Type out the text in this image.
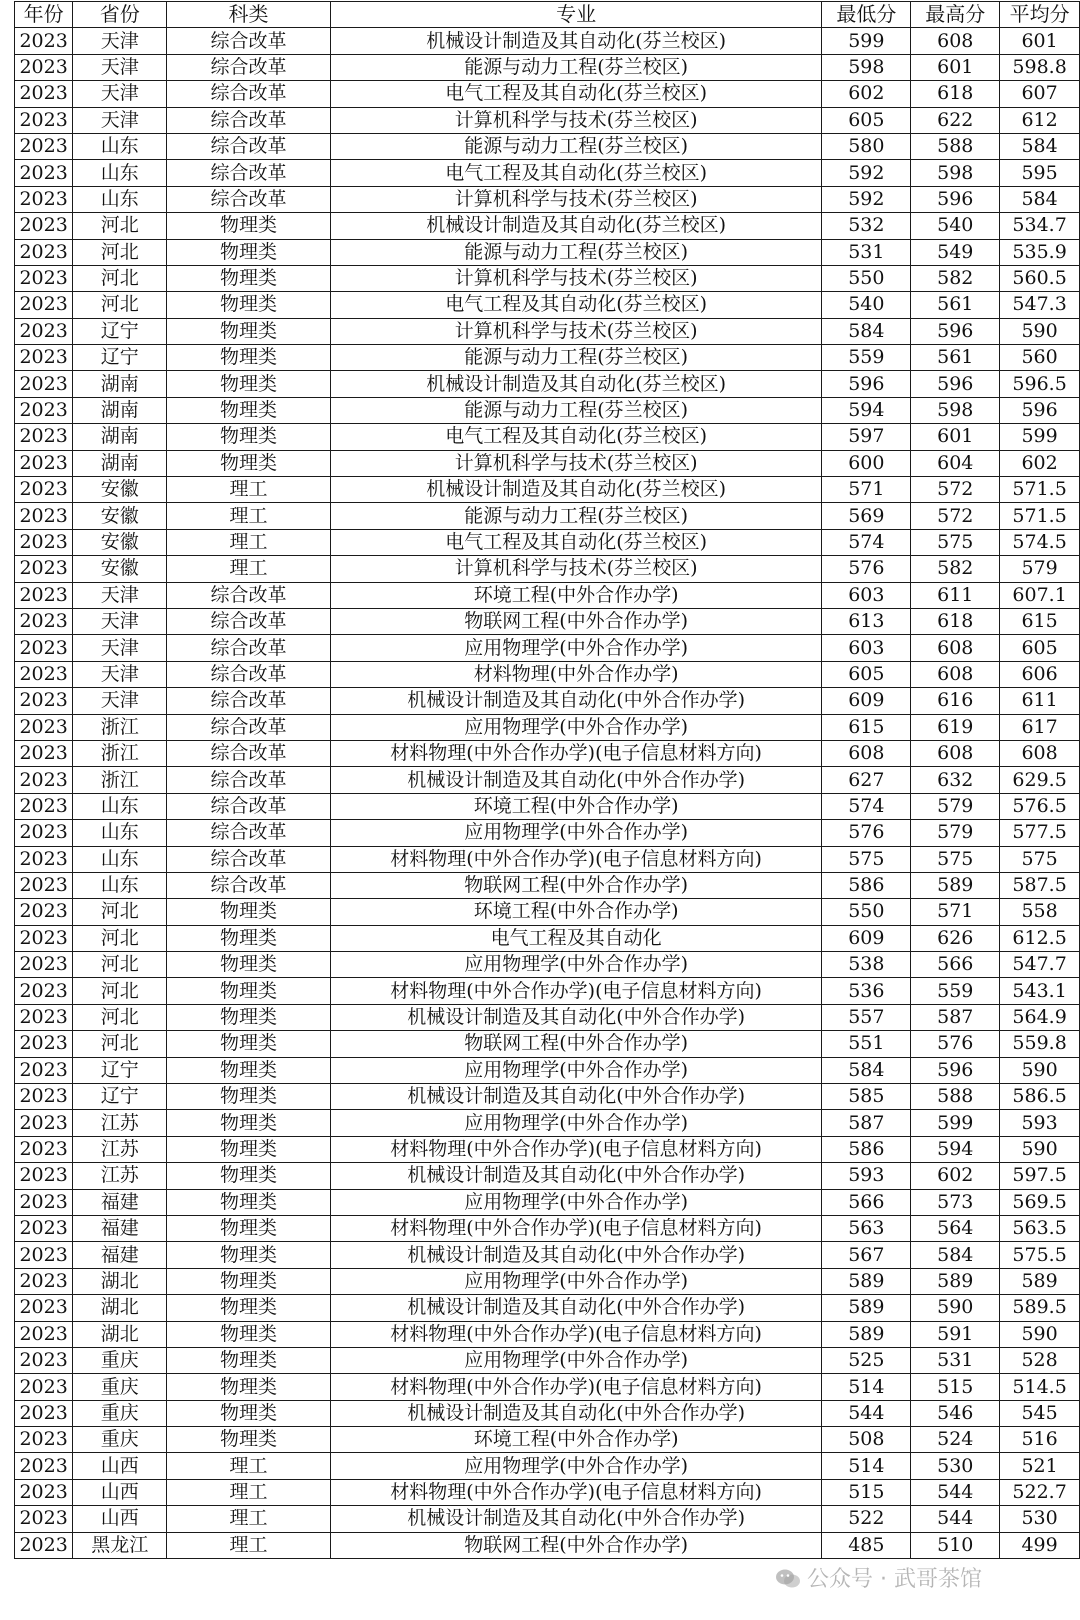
年份	省份	科类	专业	最低分	最高分	平均分
2023	天津	综合改革	机械设计制造及其自动化(芬兰校区)	599	608	601
2023	天津	综合改革	能源与动力工程(芬兰校区)	598	601	598.8
2023	天津	综合改革	电气工程及其自动化(芬兰校区)	602	618	607
2023	天津	综合改革	计算机科学与技术(芬兰校区)	605	622	612
2023	山东	综合改革	能源与动力工程(芬兰校区)	580	588	584
2023	山东	综合改革	电气工程及其自动化(芬兰校区)	592	598	595
2023	山东	综合改革	计算机科学与技术(芬兰校区)	592	596	584
2023	河北	物理类	机械设计制造及其自动化(芬兰校区)	532	540	534.7
2023	河北	物理类	能源与动力工程(芬兰校区)	531	549	535.9
2023	河北	物理类	计算机科学与技术(芬兰校区)	550	582	560.5
2023	河北	物理类	电气工程及其自动化(芬兰校区)	540	561	547.3
2023	辽宁	物理类	计算机科学与技术(芬兰校区)	584	596	590
2023	辽宁	物理类	能源与动力工程(芬兰校区)	559	561	560
2023	湖南	物理类	机械设计制造及其自动化(芬兰校区)	596	596	596.5
2023	湖南	物理类	能源与动力工程(芬兰校区)	594	598	596
2023	湖南	物理类	电气工程及其自动化(芬兰校区)	597	601	599
2023	湖南	物理类	计算机科学与技术(芬兰校区)	600	604	602
2023	安徽	理工	机械设计制造及其自动化(芬兰校区)	571	572	571.5
2023	安徽	理工	能源与动力工程(芬兰校区)	569	572	571.5
2023	安徽	理工	电气工程及其自动化(芬兰校区)	574	575	574.5
2023	安徽	理工	计算机科学与技术(芬兰校区)	576	582	579
2023	天津	综合改革	环境工程(中外合作办学)	603	611	607.1
2023	天津	综合改革	物联网工程(中外合作办学)	613	618	615
2023	天津	综合改革	应用物理学(中外合作办学)	603	608	605
2023	天津	综合改革	材料物理(中外合作办学)	605	608	606
2023	天津	综合改革	机械设计制造及其自动化(中外合作办学)	609	616	611
2023	浙江	综合改革	应用物理学(中外合作办学)	615	619	617
2023	浙江	综合改革	材料物理(中外合作办学)(电子信息材料方向)	608	608	608
2023	浙江	综合改革	机械设计制造及其自动化(中外合作办学)	627	632	629.5
2023	山东	综合改革	环境工程(中外合作办学)	574	579	576.5
2023	山东	综合改革	应用物理学(中外合作办学)	576	579	577.5
2023	山东	综合改革	材料物理(中外合作办学)(电子信息材料方向)	575	575	575
2023	山东	综合改革	物联网工程(中外合作办学)	586	589	587.5
2023	河北	物理类	环境工程(中外合作办学)	550	571	558
2023	河北	物理类	电气工程及其自动化	609	626	612.5
2023	河北	物理类	应用物理学(中外合作办学)	538	566	547.7
2023	河北	物理类	材料物理(中外合作办学)(电子信息材料方向)	536	559	543.1
2023	河北	物理类	机械设计制造及其自动化(中外合作办学)	557	587	564.9
2023	河北	物理类	物联网工程(中外合作办学)	551	576	559.8
2023	辽宁	物理类	应用物理学(中外合作办学)	584	596	590
2023	辽宁	物理类	机械设计制造及其自动化(中外合作办学)	585	588	586.5
2023	江苏	物理类	应用物理学(中外合作办学)	587	599	593
2023	江苏	物理类	材料物理(中外合作办学)(电子信息材料方向)	586	594	590
2023	江苏	物理类	机械设计制造及其自动化(中外合作办学)	593	602	597.5
2023	福建	物理类	应用物理学(中外合作办学)	566	573	569.5
2023	福建	物理类	材料物理(中外合作办学)(电子信息材料方向)	563	564	563.5
2023	福建	物理类	机械设计制造及其自动化(中外合作办学)	567	584	575.5
2023	湖北	物理类	应用物理学(中外合作办学)	589	589	589
2023	湖北	物理类	机械设计制造及其自动化(中外合作办学)	589	590	589.5
2023	湖北	物理类	材料物理(中外合作办学)(电子信息材料方向)	589	591	590
2023	重庆	物理类	应用物理学(中外合作办学)	525	531	528
2023	重庆	物理类	材料物理(中外合作办学)(电子信息材料方向)	514	515	514.5
2023	重庆	物理类	机械设计制造及其自动化(中外合作办学)	544	546	545
2023	重庆	物理类	环境工程(中外合作办学)	508	524	516
2023	山西	理工	应用物理学(中外合作办学)	514	530	521
2023	山西	理工	材料物理(中外合作办学)(电子信息材料方向)	515	544	522.7
2023	山西	理工	机械设计制造及其自动化(中外合作办学)	522	544	530
2023	黑龙江	理工	物联网工程(中外合作办学)	485	510	499
公众号 · 武哥茶馆
